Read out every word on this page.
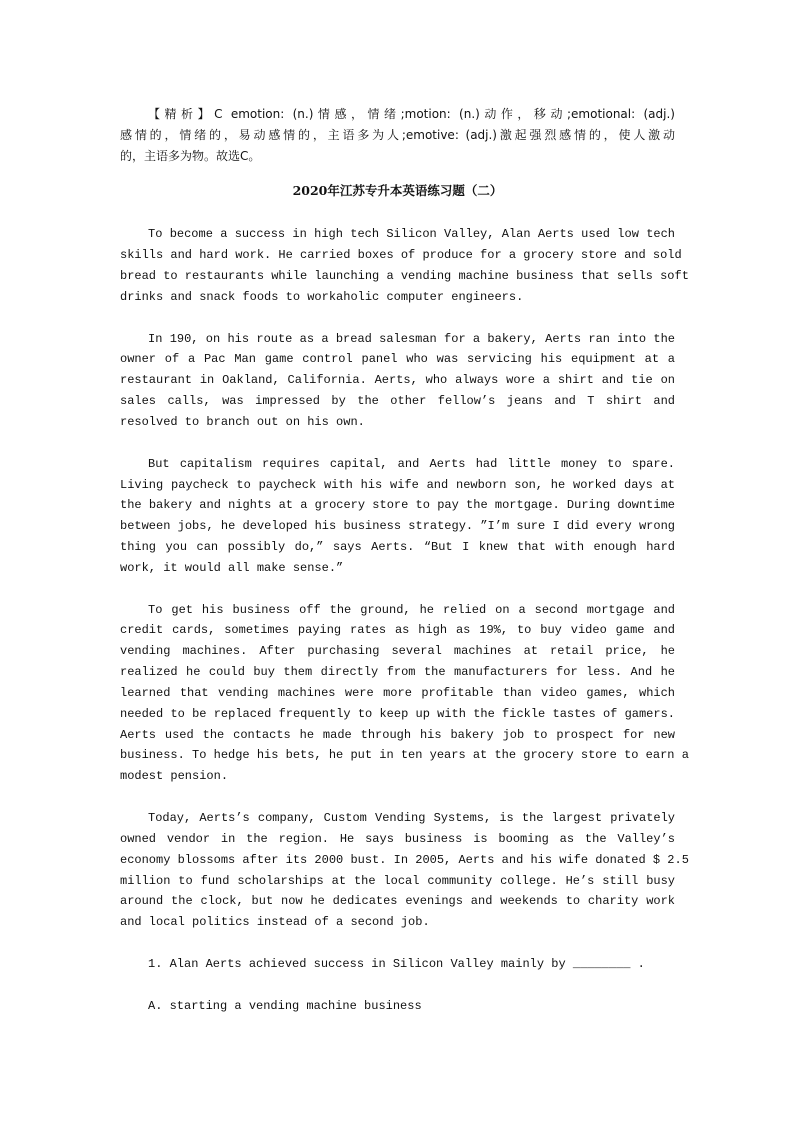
【精析】C emotion: (n.)情感，情绪;motion: (n.)动作，移动;emotional: (adj.)
感情的，情绪的，易动感情的，主语多为人;emotive: (adj.)激起强烈感情的，使人激动
的，主语多为物。故选C。
2020年江苏专升本英语练习题（二）
To become a success in high tech Silicon Valley, Alan Aerts used low tech
skills and hard work. He carried boxes of produce for a grocery store and sold
bread to restaurants while launching a vending machine business that sells soft
drinks and snack foods to workaholic computer engineers.
In 190, on his route as a bread salesman for a bakery, Aerts ran into the
owner of a Pac Man game control panel who was servicing his equipment at a
restaurant in Oakland, California. Aerts, who always wore a shirt and tie on
sales calls, was impressed by the other fellow’s jeans and T shirt and
resolved to branch out on his own.
But capitalism requires capital, and Aerts had little money to spare.
Living paycheck to paycheck with his wife and newborn son, he worked days at
the bakery and nights at a grocery store to pay the mortgage. During downtime
between jobs, he developed his business strategy. ”I’m sure I did every wrong
thing you can possibly do,” says Aerts. “But I knew that with enough hard
work, it would all make sense.”
To get his business off the ground, he relied on a second mortgage and
credit cards, sometimes paying rates as high as 19%, to buy video game and
vending machines. After purchasing several machines at retail price, he
realized he could buy them directly from the manufacturers for less. And he
learned that vending machines were more profitable than video games, which
needed to be replaced frequently to keep up with the fickle tastes of gamers.
Aerts used the contacts he made through his bakery job to prospect for new
business. To hedge his bets, he put in ten years at the grocery store to earn a
modest pension.
Today, Aerts’s company, Custom Vending Systems, is the largest privately
owned vendor in the region. He says business is booming as the Valley’s
economy blossoms after its 2000 bust. In 2005, Aerts and his wife donated $ 2.5
million to fund scholarships at the local community college. He’s still busy
around the clock, but now he dedicates evenings and weekends to charity work
and local politics instead of a second job.
1. Alan Aerts achieved success in Silicon Valley mainly by ________ .
A. starting a vending machine business
